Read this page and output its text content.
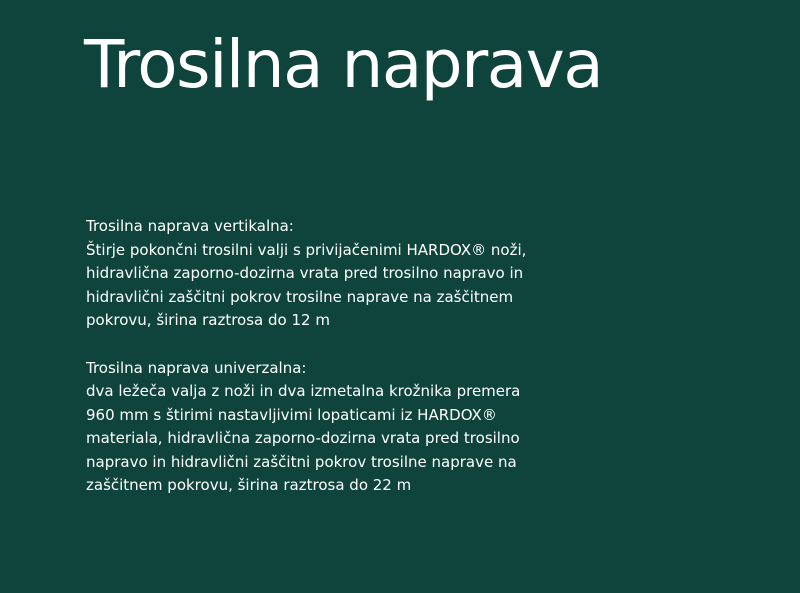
Trosilna naprava
Trosilna naprava vertikalna:
Štirje pokončni trosilni valji s privijačenimi HARDOX® noži,
hidravlična zaporno-dozirna vrata pred trosilno napravo in
hidravlični zaščitni pokrov trosilne naprave na zaščitnem
pokrovu, širina raztrosa do 12 m
Trosilna naprava univerzalna:
dva ležeča valja z noži in dva izmetalna krožnika premera
960 mm s štirimi nastavljivimi lopaticami iz HARDOX®
materiala, hidravlična zaporno-dozirna vrata pred trosilno
napravo in hidravlični zaščitni pokrov trosilne naprave na
zaščitnem pokrovu, širina raztrosa do 22 m
